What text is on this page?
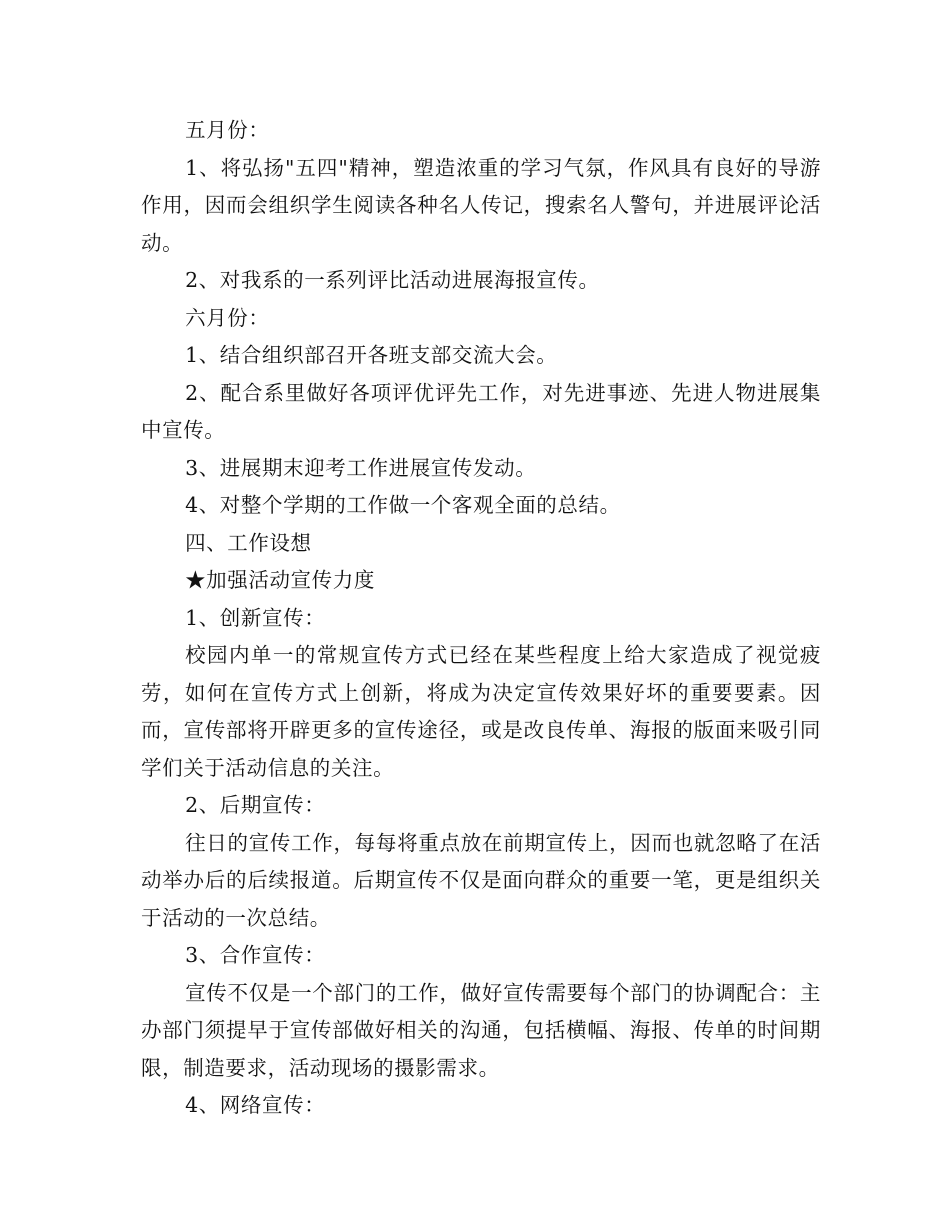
五月份：

1、将弘扬"五四"精神，塑造浓重的学习气氛，作风具有良好的导游作用，因而会组织学生阅读各种名人传记，搜索名人警句，并进展评论活动。

2、对我系的一系列评比活动进展海报宣传。

六月份：

1、结合组织部召开各班支部交流大会。

2、配合系里做好各项评优评先工作，对先进事迹、先进人物进展集中宣传。

3、进展期末迎考工作进展宣传发动。

4、对整个学期的工作做一个客观全面的总结。

四、工作设想

★加强活动宣传力度

1、创新宣传：

校园内单一的常规宣传方式已经在某些程度上给大家造成了视觉疲劳，如何在宣传方式上创新，将成为决定宣传效果好坏的重要要素。因而，宣传部将开辟更多的宣传途径，或是改良传单、海报的版面来吸引同学们关于活动信息的关注。

2、后期宣传：

往日的宣传工作，每每将重点放在前期宣传上，因而也就忽略了在活动举办后的后续报道。后期宣传不仅是面向群众的重要一笔，更是组织关于活动的一次总结。

3、合作宣传：

宣传不仅是一个部门的工作，做好宣传需要每个部门的协调配合：主办部门须提早于宣传部做好相关的沟通，包括横幅、海报、传单的时间期限，制造要求，活动现场的摄影需求。

4、网络宣传：
